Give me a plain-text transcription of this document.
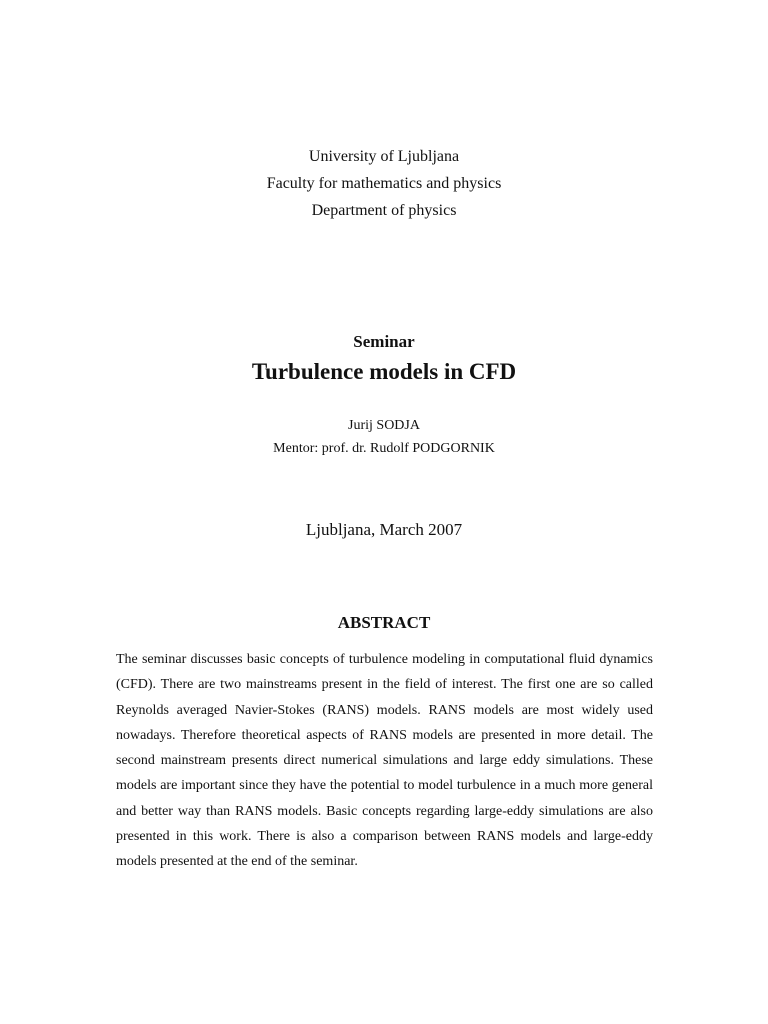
University of Ljubljana
Faculty for mathematics and physics
Department of physics
Seminar
Turbulence models in CFD
Jurij SODJA
Mentor: prof. dr. Rudolf PODGORNIK
Ljubljana, March 2007
ABSTRACT

The seminar discusses basic concepts of turbulence modeling in computational fluid dynamics (CFD). There are two mainstreams present in the field of interest. The first one are so called Reynolds averaged Navier-Stokes (RANS) models. RANS models are most widely used nowadays. Therefore theoretical aspects of RANS models are presented in more detail. The second mainstream presents direct numerical simulations and large eddy simulations. These models are important since they have the potential to model turbulence in a much more general and better way than RANS models. Basic concepts regarding large-eddy simulations are also presented in this work. There is also a comparison between RANS models and large-eddy models presented at the end of the seminar.
